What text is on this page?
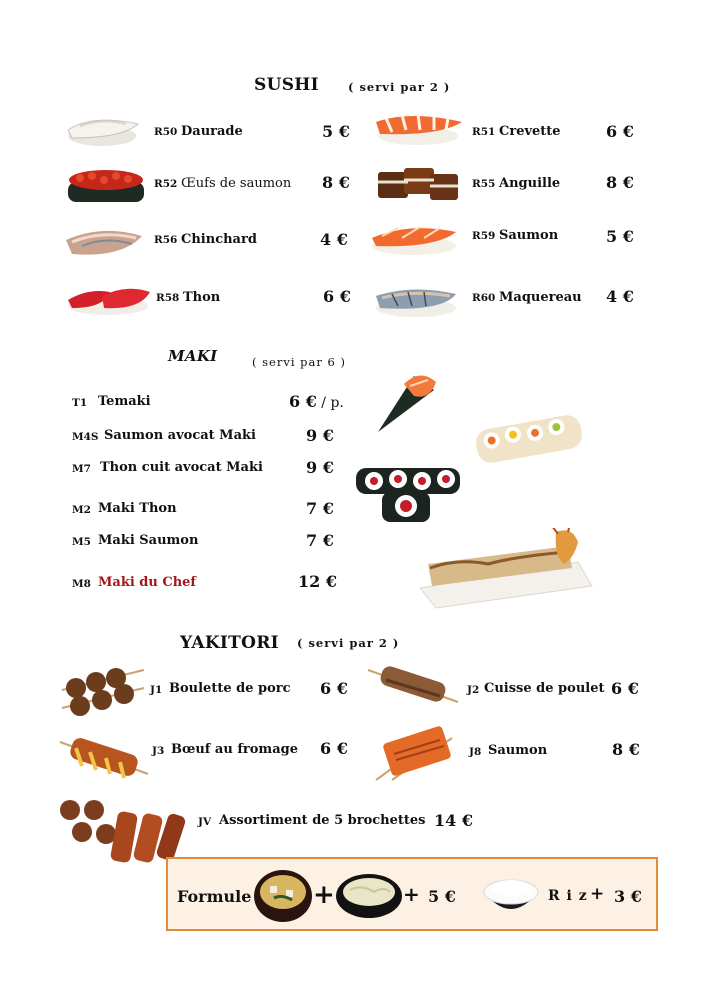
SUSHI	( servi par 2 )
R50 Daurade	5 €	R51 Crevette	6 €
R52 Œufs de saumon 8 €	R55 Anguille	8 €
R56 Chinchard	4 €	R59 Saumon	5 €
R58 Thon	6 €	R60 Maquereau 4 €
MAKI	( servi par 6 )
T1 Temaki	6 € / p.
M4S Saumon avocat Maki	9 €
M7 Thon cuit avocat Maki	9 €
M2 Maki Thon	7 €
M5 Maki Saumon	7 €
M8 Maki du Chef	12 €
YAKITORI ( servi par 2 )
J1 Boulette de porc 6 €	J2 Cuisse de poulet 6 €
J3 Bœuf au fromage 6 €	J8 Saumon	8 €
JV Assortiment de 5 brochettes 14 €
Formule +	+ 5 €	R i z + 3 €
